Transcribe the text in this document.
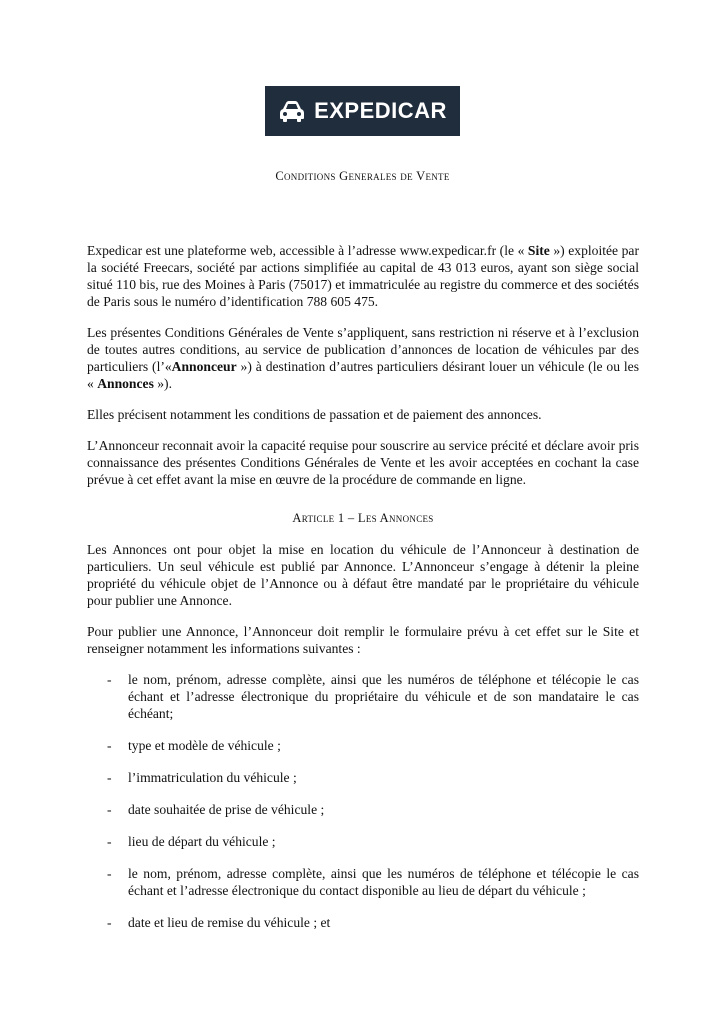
EXPEDICAR
Conditions Generales de Vente

Expedicar est une plateforme web, accessible à l’adresse www.expedicar.fr (le « Site ») exploitée par la société Freecars, société par actions simplifiée au capital de 43 013 euros, ayant son siège social situé 110 bis, rue des Moines à Paris (75017) et immatriculée au registre du commerce et des sociétés de Paris sous le numéro d’identification 788 605 475.

Les présentes Conditions Générales de Vente s’appliquent, sans restriction ni réserve et à l’exclusion de toutes autres conditions, au service de publication d’annonces de location de véhicules par des particuliers (l’«Annonceur ») à destination d’autres particuliers désirant louer un véhicule (le ou les « Annonces »).

Elles précisent notamment les conditions de passation et de paiement des annonces.

L’Annonceur reconnait avoir la capacité requise pour souscrire au service précité et déclare avoir pris connaissance des présentes Conditions Générales de Vente et les avoir acceptées en cochant la case prévue à cet effet avant la mise en œuvre de la procédure de commande en ligne.

Article 1 – Les Annonces

Les Annonces ont pour objet la mise en location du véhicule de l’Annonceur à destination de particuliers. Un seul véhicule est publié par Annonce. L’Annonceur s’engage à détenir la pleine propriété du véhicule objet de l’Annonce ou à défaut être mandaté par le propriétaire du véhicule pour publier une Annonce.

Pour publier une Annonce, l’Annonceur doit remplir le formulaire prévu à cet effet sur le Site et renseigner notamment les informations suivantes :

- le nom, prénom, adresse complète, ainsi que les numéros de téléphone et télécopie le cas échant et l’adresse électronique du propriétaire du véhicule et de son mandataire le cas échéant;
- type et modèle de véhicule ;
- l’immatriculation du véhicule ;
- date souhaitée de prise de véhicule ;
- lieu de départ du véhicule ;
- le nom, prénom, adresse complète, ainsi que les numéros de téléphone et télécopie le cas échant et l’adresse électronique du contact disponible au lieu de départ du véhicule ;
- date et lieu de remise du véhicule ; et
